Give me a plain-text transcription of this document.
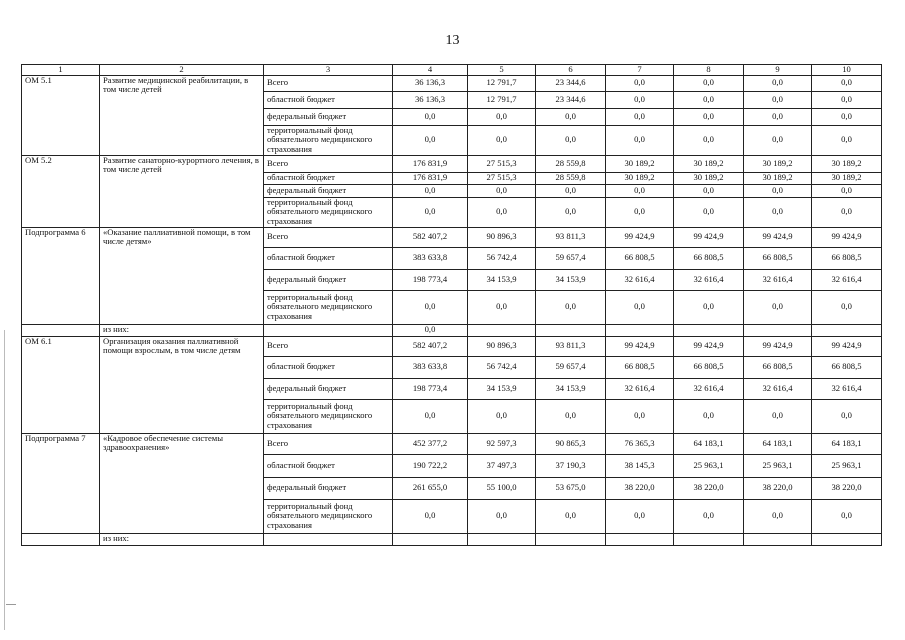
13
1	2	3	4	5	6	7	8	9	10
ОМ 5.1	Развитие медицинской реабилитации, в том числе детей	Всего	36 136,3	12 791,7	23 344,6	0,0	0,0	0,0	0,0
		областной бюджет	36 136,3	12 791,7	23 344,6	0,0	0,0	0,0	0,0
		федеральный бюджет	0,0	0,0	0,0	0,0	0,0	0,0	0,0
		территориальный фонд обязательного медицинского страхования	0,0	0,0	0,0	0,0	0,0	0,0	0,0
ОМ 5.2	Развитие санаторно-курортного лечения, в том числе детей	Всего	176 831,9	27 515,3	28 559,8	30 189,2	30 189,2	30 189,2	30 189,2
		областной бюджет	176 831,9	27 515,3	28 559,8	30 189,2	30 189,2	30 189,2	30 189,2
		федеральный бюджет	0,0	0,0	0,0	0,0	0,0	0,0	0,0
		территориальный фонд обязательного медицинского страхования	0,0	0,0	0,0	0,0	0,0	0,0	0,0
Подпрограмма 6	«Оказание паллиативной помощи, в том числе детям»	Всего	582 407,2	90 896,3	93 811,3	99 424,9	99 424,9	99 424,9	99 424,9
		областной бюджет	383 633,8	56 742,4	59 657,4	66 808,5	66 808,5	66 808,5	66 808,5
		федеральный бюджет	198 773,4	34 153,9	34 153,9	32 616,4	32 616,4	32 616,4	32 616,4
		территориальный фонд обязательного медицинского страхования	0,0	0,0	0,0	0,0	0,0	0,0	0,0
	из них:		0,0						
ОМ 6.1	Организация оказания паллиативной помощи взрослым, в том числе детям	Всего	582 407,2	90 896,3	93 811,3	99 424,9	99 424,9	99 424,9	99 424,9
		областной бюджет	383 633,8	56 742,4	59 657,4	66 808,5	66 808,5	66 808,5	66 808,5
		федеральный бюджет	198 773,4	34 153,9	34 153,9	32 616,4	32 616,4	32 616,4	32 616,4
		территориальный фонд обязательного медицинского страхования	0,0	0,0	0,0	0,0	0,0	0,0	0,0
Подпрограмма 7	«Кадровое обеспечение системы здравоохранения»	Всего	452 377,2	92 597,3	90 865,3	76 365,3	64 183,1	64 183,1	64 183,1
		областной бюджет	190 722,2	37 497,3	37 190,3	38 145,3	25 963,1	25 963,1	25 963,1
		федеральный бюджет	261 655,0	55 100,0	53 675,0	38 220,0	38 220,0	38 220,0	38 220,0
		территориальный фонд обязательного медицинского страхования	0,0	0,0	0,0	0,0	0,0	0,0	0,0
	из них:								
